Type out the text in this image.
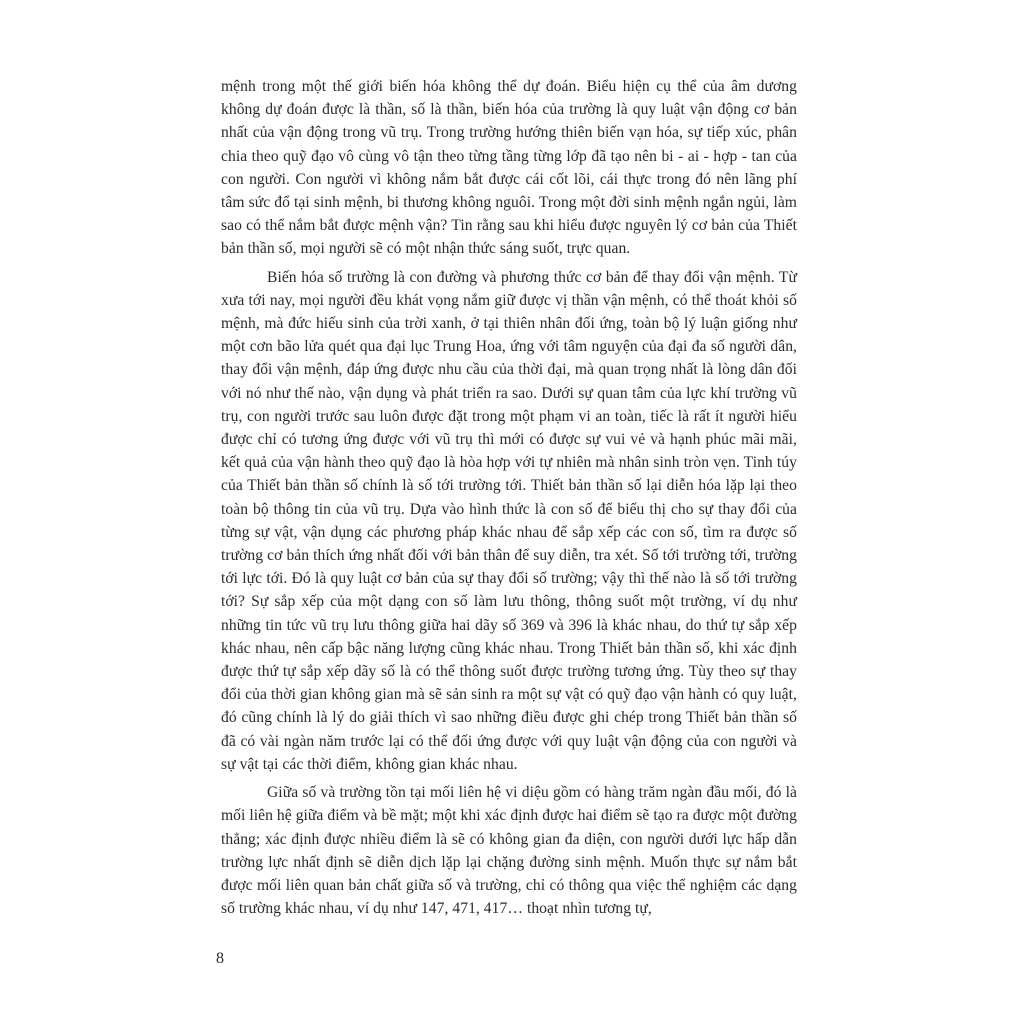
mệnh trong một thế giới biến hóa không thể dự đoán. Biểu hiện cụ thể của âm dương không dự đoán được là thần, số là thần, biến hóa của trường là quy luật vận động cơ bản nhất của vận động trong vũ trụ. Trong trường hướng thiên biến vạn hóa, sự tiếp xúc, phân chia theo quỹ đạo vô cùng vô tận theo từng tầng từng lớp đã tạo nên bi - ai - hợp - tan của con người. Con người vì không nắm bắt được cái cốt lõi, cái thực trong đó nên lãng phí tâm sức đổ tại sinh mệnh, bi thương không nguôi. Trong một đời sinh mệnh ngắn ngủi, làm sao có thể nắm bắt được mệnh vận? Tin rằng sau khi hiểu được nguyên lý cơ bản của Thiết bản thần số, mọi người sẽ có một nhận thức sáng suốt, trực quan.

Biến hóa số trường là con đường và phương thức cơ bản để thay đổi vận mệnh. Từ xưa tới nay, mọi người đều khát vọng nắm giữ được vị thần vận mệnh, có thể thoát khỏi số mệnh, mà đức hiếu sinh của trời xanh, ở tại thiên nhân đối ứng, toàn bộ lý luận giống như một cơn bão lửa quét qua đại lục Trung Hoa, ứng với tâm nguyện của đại đa số người dân, thay đổi vận mệnh, đáp ứng được nhu cầu của thời đại, mà quan trọng nhất là lòng dân đối với nó như thế nào, vận dụng và phát triển ra sao. Dưới sự quan tâm của lực khí trường vũ trụ, con người trước sau luôn được đặt trong một phạm vi an toàn, tiếc là rất ít người hiểu được chỉ có tương ứng được với vũ trụ thì mới có được sự vui vẻ và hạnh phúc mãi mãi, kết quả của vận hành theo quỹ đạo là hòa hợp với tự nhiên mà nhân sinh tròn vẹn. Tinh túy của Thiết bản thần số chính là số tới trường tới. Thiết bản thần số lại diễn hóa lặp lại theo toàn bộ thông tin của vũ trụ. Dựa vào hình thức là con số để biểu thị cho sự thay đổi của từng sự vật, vận dụng các phương pháp khác nhau để sắp xếp các con số, tìm ra được số trường cơ bản thích ứng nhất đối với bản thân để suy diễn, tra xét. Số tới trường tới, trường tới lực tới. Đó là quy luật cơ bản của sự thay đổi số trường; vậy thì thế nào là số tới trường tới? Sự sắp xếp của một dạng con số làm lưu thông, thông suốt một trường, ví dụ như những tin tức vũ trụ lưu thông giữa hai dãy số 369 và 396 là khác nhau, do thứ tự sắp xếp khác nhau, nên cấp bậc năng lượng cũng khác nhau. Trong Thiết bản thần số, khi xác định được thứ tự sắp xếp dãy số là có thể thông suốt được trường tương ứng. Tùy theo sự thay đổi của thời gian không gian mà sẽ sản sinh ra một sự vật có quỹ đạo vận hành có quy luật, đó cũng chính là lý do giải thích vì sao những điều được ghi chép trong Thiết bản thần số đã có vài ngàn năm trước lại có thể đối ứng được với quy luật vận động của con người và sự vật tại các thời điểm, không gian khác nhau.

Giữa số và trường tồn tại mối liên hệ vi diệu gồm có hàng trăm ngàn đầu mối, đó là mối liên hệ giữa điểm và bề mặt; một khi xác định được hai điểm sẽ tạo ra được một đường thẳng; xác định được nhiều điểm là sẽ có không gian đa diện, con người dưới lực hấp dẫn trường lực nhất định sẽ diễn dịch lặp lại chặng đường sinh mệnh. Muốn thực sự nắm bắt được mối liên quan bản chất giữa số và trường, chỉ có thông qua việc thể nghiệm các dạng số trường khác nhau, ví dụ như 147, 471, 417… thoạt nhìn tương tự,

8
